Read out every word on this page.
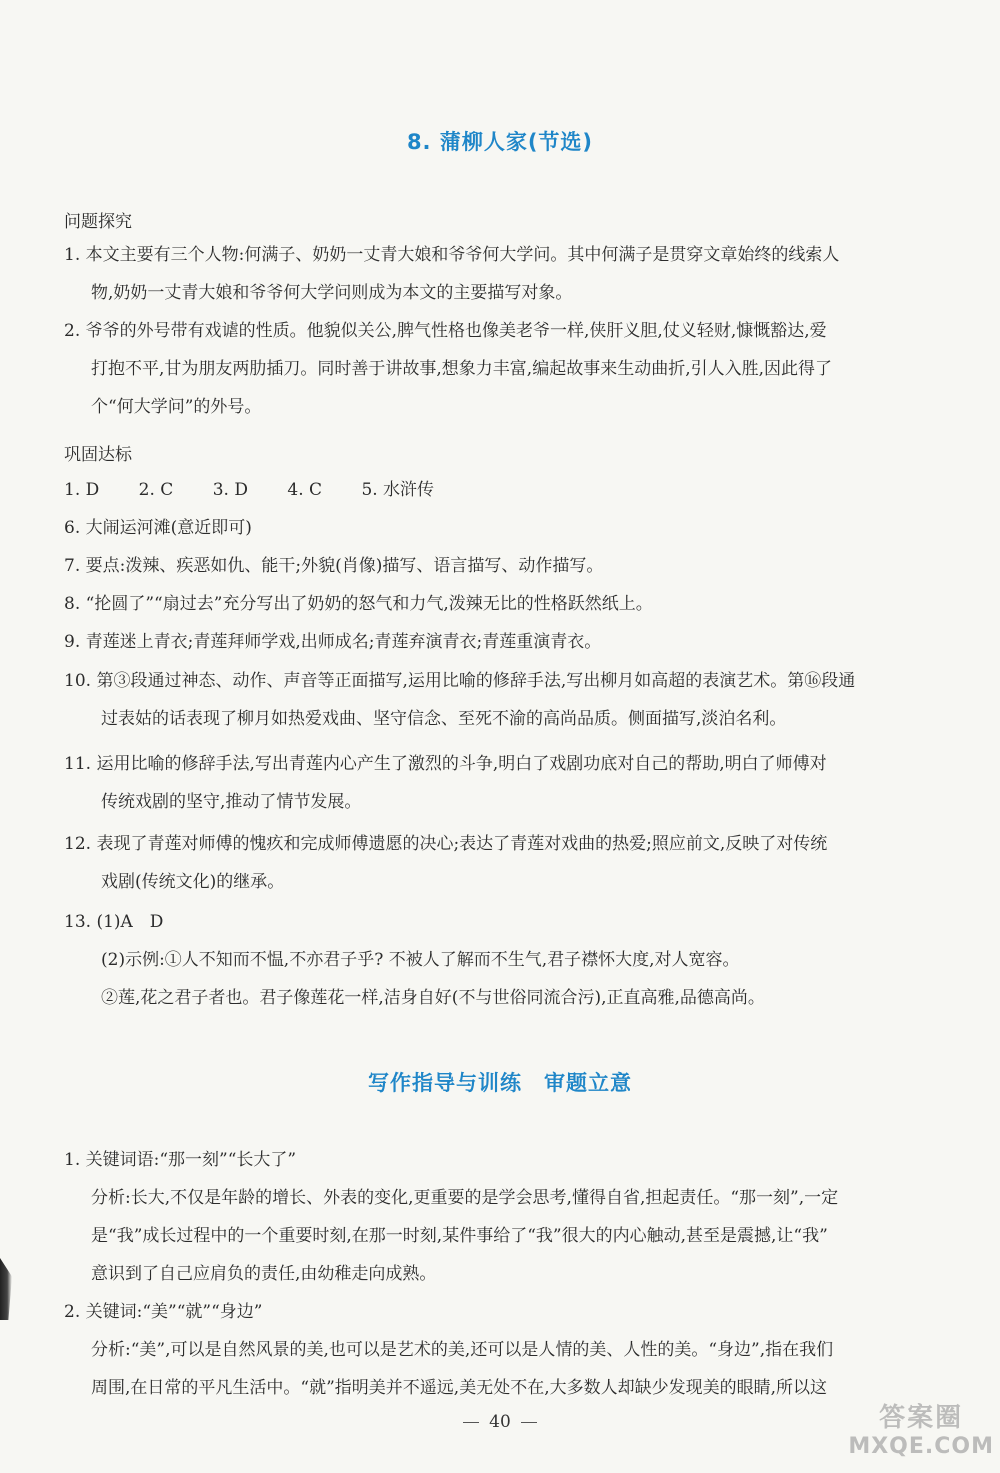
8. 蒲柳人家(节选)
问题探究
1. 本文主要有三个人物:何满子、奶奶一丈青大娘和爷爷何大学问。其中何满子是贯穿文章始终的线索人
物,奶奶一丈青大娘和爷爷何大学问则成为本文的主要描写对象。
2. 爷爷的外号带有戏谑的性质。他貌似关公,脾气性格也像美老爷一样,侠肝义胆,仗义轻财,慷慨豁达,爱
打抱不平,甘为朋友两肋插刀。同时善于讲故事,想象力丰富,编起故事来生动曲折,引人入胜,因此得了
个“何大学问”的外号。
巩固达标
1. D 2. C 3. D 4. C 5. 水浒传
6. 大闹运河滩(意近即可)
7. 要点:泼辣、疾恶如仇、能干;外貌(肖像)描写、语言描写、动作描写。
8. “抡圆了”“扇过去”充分写出了奶奶的怒气和力气,泼辣无比的性格跃然纸上。
9. 青莲迷上青衣;青莲拜师学戏,出师成名;青莲弃演青衣;青莲重演青衣。
10. 第③段通过神态、动作、声音等正面描写,运用比喻的修辞手法,写出柳月如高超的表演艺术。第⑯段通
过表姑的话表现了柳月如热爱戏曲、坚守信念、至死不渝的高尚品质。侧面描写,淡泊名利。
11. 运用比喻的修辞手法,写出青莲内心产生了激烈的斗争,明白了戏剧功底对自己的帮助,明白了师傅对
传统戏剧的坚守,推动了情节发展。
12. 表现了青莲对师傅的愧疚和完成师傅遗愿的决心;表达了青莲对戏曲的热爱;照应前文,反映了对传统
戏剧(传统文化)的继承。
13. (1)A　D
(2)示例:①人不知而不愠,不亦君子乎? 不被人了解而不生气,君子襟怀大度,对人宽容。
②莲,花之君子者也。君子像莲花一样,洁身自好(不与世俗同流合污),正直高雅,品德高尚。
写作指导与训练　审题立意
1. 关键词语:“那一刻”“长大了”
分析:长大,不仅是年龄的增长、外表的变化,更重要的是学会思考,懂得自省,担起责任。“那一刻”,一定
是“我”成长过程中的一个重要时刻,在那一时刻,某件事给了“我”很大的内心触动,甚至是震撼,让“我”
意识到了自己应肩负的责任,由幼稚走向成熟。
2. 关键词:“美”“就”“身边”
分析:“美”,可以是自然风景的美,也可以是艺术的美,还可以是人情的美、人性的美。“身边”,指在我们
周围,在日常的平凡生活中。“就”指明美并不遥远,美无处不在,大多数人却缺少发现美的眼睛,所以这
40	答案圈
MXQE.COM
